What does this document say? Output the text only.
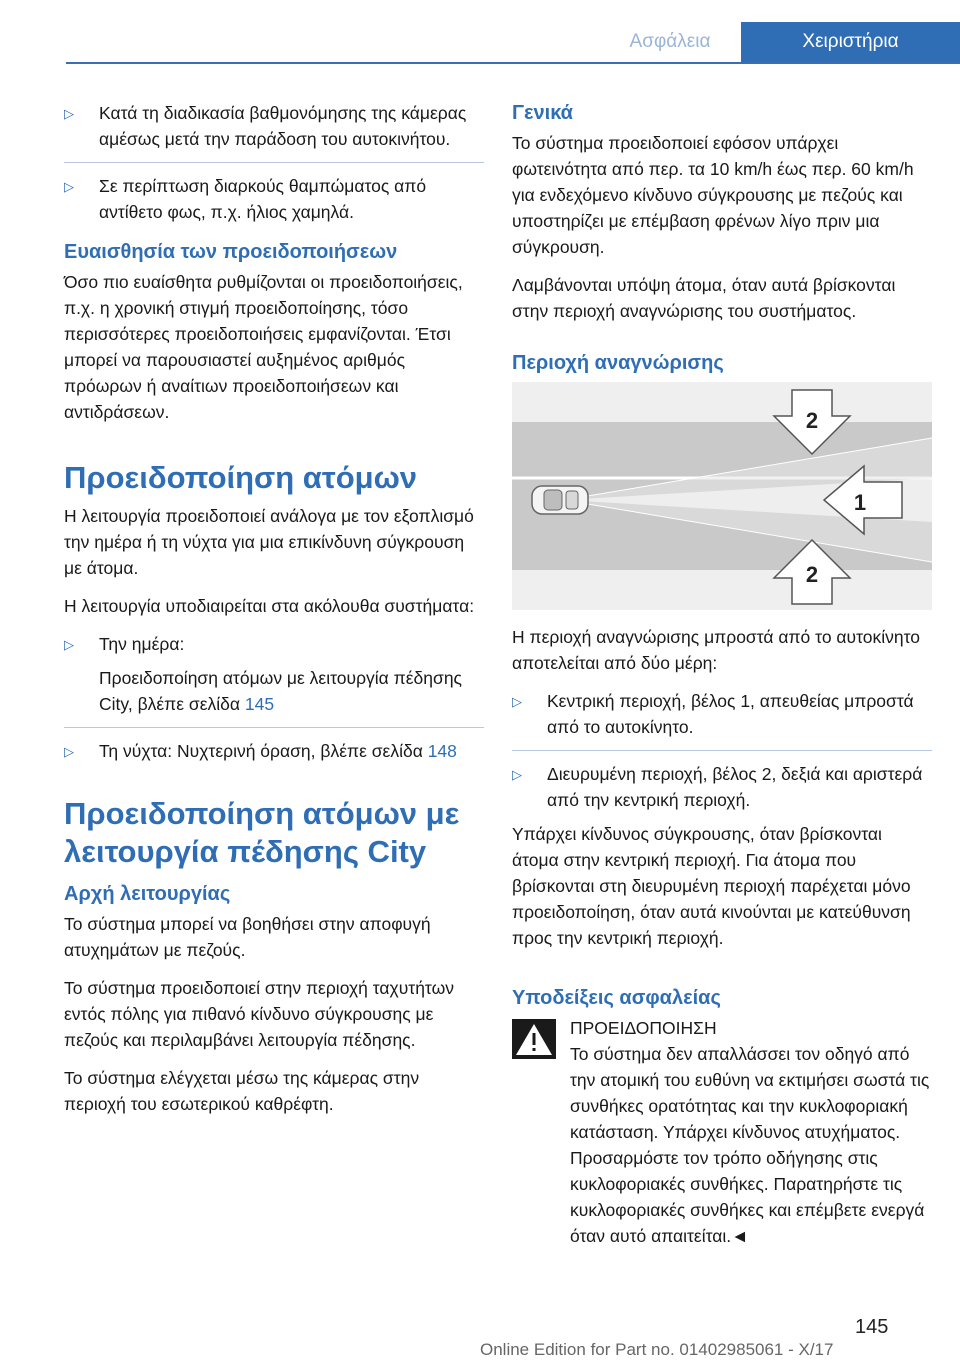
Ασφάλεια	Χειριστήρια
▷	Κατά τη διαδικασία βαθμονόμησης της κάμερας αμέσως μετά την παράδοση του αυτοκινήτου.
▷	Σε περίπτωση διαρκούς θαμπώματος από αντίθετο φως, π.χ. ήλιος χαμηλά.
Ευαισθησία των προειδοποιήσεων

Όσο πιο ευαίσθητα ρυθμίζονται οι προειδοποιήσεις, π.χ. η χρονική στιγμή προειδοποίησης, τόσο περισσότερες προειδοποιήσεις εμφανίζονται. Έτσι μπορεί να παρουσιαστεί αυξημένος αριθμός πρόωρων ή αναίτιων προειδοποιήσεων και αντιδράσεων.

Προειδοποίηση ατόμων

Η λειτουργία προειδοποιεί ανάλογα με τον εξοπλισμό την ημέρα ή τη νύχτα για μια επικίνδυνη σύγκρουση με άτομα.

Η λειτουργία υποδιαιρείται στα ακόλουθα συστήματα:

▷	Την ημέρα:
Προειδοποίηση ατόμων με λειτουργία πέδησης City, βλέπε σελίδα 145
▷	Τη νύχτα: Νυχτερινή όραση, βλέπε σελίδα 148
Προειδοποίηση ατόμων με λειτουργία πέδησης City
Αρχή λειτουργίας

Το σύστημα μπορεί να βοηθήσει στην αποφυγή ατυχημάτων με πεζούς.

Το σύστημα προειδοποιεί στην περιοχή ταχυτήτων εντός πόλης για πιθανό κίνδυνο σύγκρουσης με πεζούς και περιλαμβάνει λειτουργία πέδησης.

Το σύστημα ελέγχεται μέσω της κάμερας στην περιοχή του εσωτερικού καθρέφτη.

Γενικά

Το σύστημα προειδοποιεί εφόσον υπάρχει φωτεινότητα από περ. τα 10 km/h έως περ. 60 km/h για ενδεχόμενο κίνδυνο σύγκρουσης με πεζούς και υποστηρίζει με επέμβαση φρένων λίγο πριν μια σύγκρουση.

Λαμβάνονται υπόψη άτομα, όταν αυτά βρίσκονται στην περιοχή αναγνώρισης του συστήματος.

Περιοχή αναγνώρισης
2
1
2

Η περιοχή αναγνώρισης μπροστά από το αυτοκίνητο αποτελείται από δύο μέρη:

▷	Κεντρική περιοχή, βέλος 1, απευθείας μπροστά από το αυτοκίνητο.
▷	Διευρυμένη περιοχή, βέλος 2, δεξιά και αριστερά από την κεντρική περιοχή.

Υπάρχει κίνδυνος σύγκρουσης, όταν βρίσκονται άτομα στην κεντρική περιοχή. Για άτομα που βρίσκονται στη διευρυμένη περιοχή παρέχεται μόνο προειδοποίηση, όταν αυτά κινούνται με κατεύθυνση προς την κεντρική περιοχή.

Υποδείξεις ασφαλείας
ΠΡΟΕΙΔΟΠΟΙΗΣΗ
Το σύστημα δεν απαλλάσσει τον οδηγό από την ατομική του ευθύνη να εκτιμήσει σωστά τις συνθήκες ορατότητας και την κυκλοφοριακή κατάσταση. Υπάρχει κίνδυνος ατυχήματος. Προσαρμόστε τον τρόπο οδήγησης στις κυκλοφοριακές συνθήκες. Παρατηρήστε τις κυκλοφοριακές συνθήκες και επέμβετε ενεργά όταν αυτό απαιτείται.◄
145
Online Edition for Part no. 01402985061 - X/17
